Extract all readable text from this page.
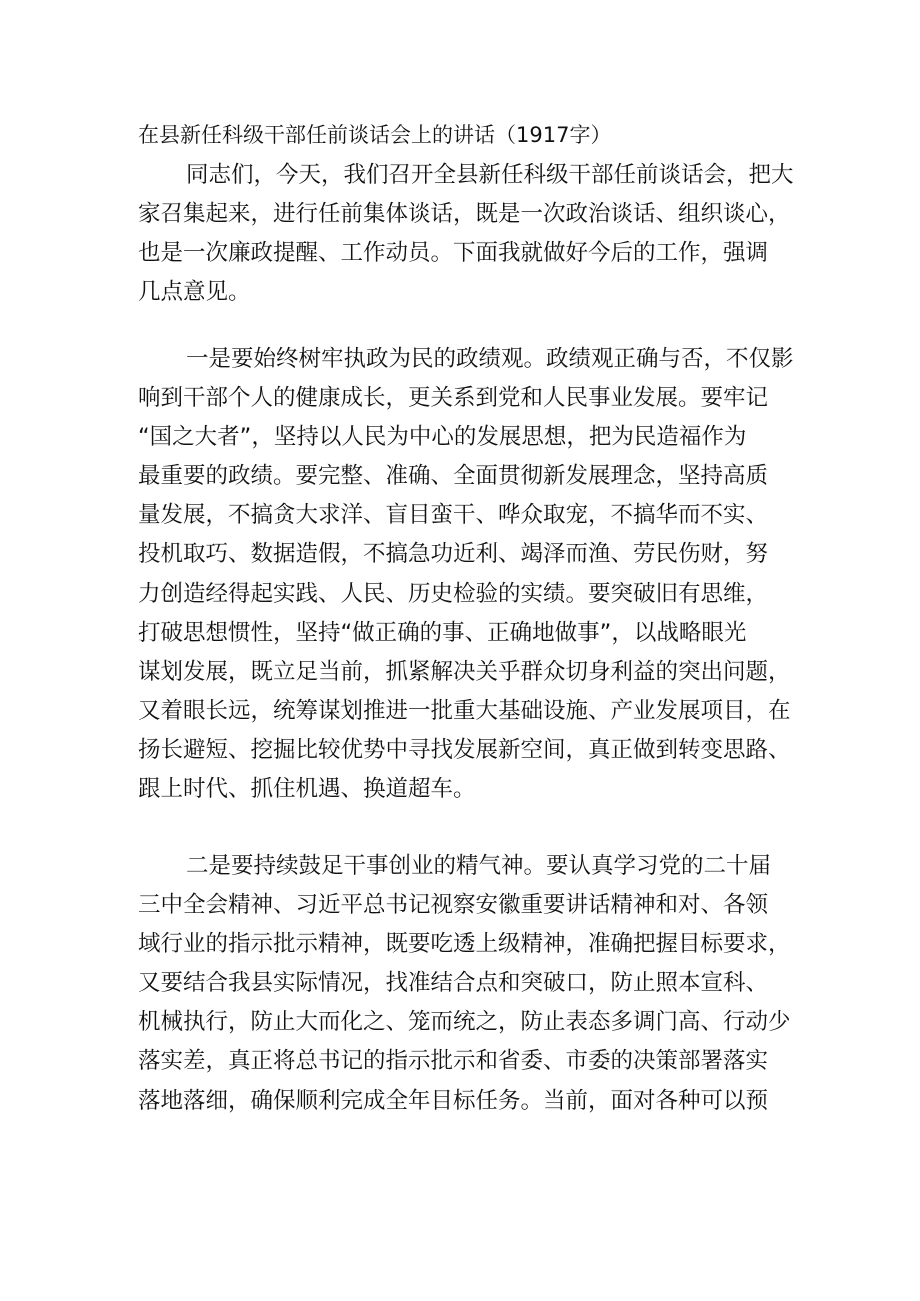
在县新任科级干部任前谈话会上的讲话（1917字）
同志们，今天，我们召开全县新任科级干部任前谈话会，把大
家召集起来，进行任前集体谈话，既是一次政治谈话、组织谈心，
也是一次廉政提醒、工作动员。下面我就做好今后的工作，强调
几点意见。
一是要始终树牢执政为民的政绩观。政绩观正确与否，不仅影
响到干部个人的健康成长，更关系到党和人民事业发展。要牢记
“国之大者”，坚持以人民为中心的发展思想，把为民造福作为
最重要的政绩。要完整、准确、全面贯彻新发展理念，坚持高质
量发展，不搞贪大求洋、盲目蛮干、哗众取宠，不搞华而不实、
投机取巧、数据造假，不搞急功近利、竭泽而渔、劳民伤财，努
力创造经得起实践、人民、历史检验的实绩。要突破旧有思维，
打破思想惯性，坚持“做正确的事、正确地做事”，以战略眼光
谋划发展，既立足当前，抓紧解决关乎群众切身利益的突出问题，
又着眼长远，统筹谋划推进一批重大基础设施、产业发展项目，在
扬长避短、挖掘比较优势中寻找发展新空间，真正做到转变思路、
跟上时代、抓住机遇、换道超车。
二是要持续鼓足干事创业的精气神。要认真学习党的二十届
三中全会精神、习近平总书记视察安徽重要讲话精神和对、各领
域行业的指示批示精神，既要吃透上级精神，准确把握目标要求，
又要结合我县实际情况，找准结合点和突破口，防止照本宣科、
机械执行，防止大而化之、笼而统之，防止表态多调门高、行动少
落实差，真正将总书记的指示批示和省委、市委的决策部署落实
落地落细，确保顺利完成全年目标任务。当前，面对各种可以预
